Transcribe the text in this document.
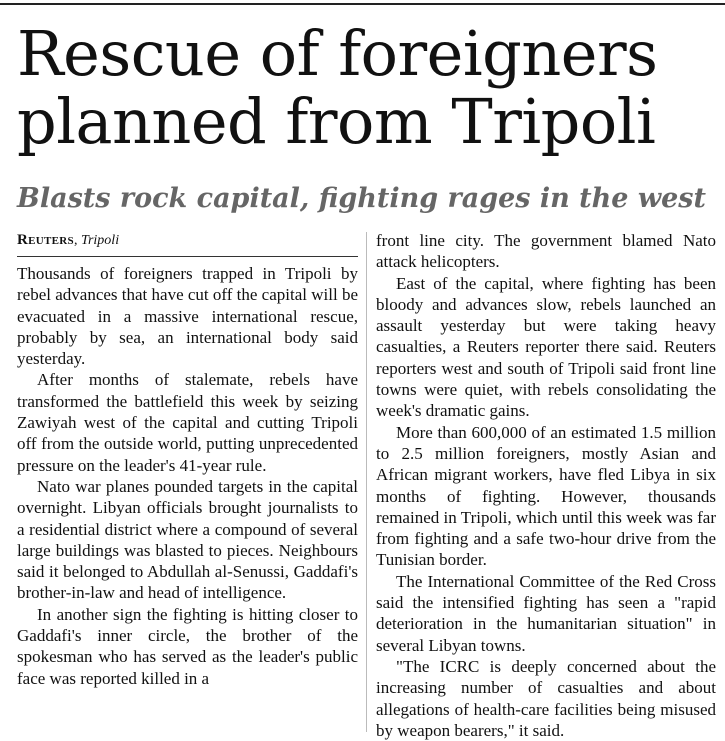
Rescue of foreigners planned from Tripoli
Blasts rock capital, fighting rages in the west
Reuters, Tripoli

Thousands of foreigners trapped in Tripoli by rebel advances that have cut off the capital will be evacuated in a massive international rescue, probably by sea, an international body said yesterday.

After months of stalemate, rebels have transformed the battlefield this week by seizing Zawiyah west of the capital and cutting Tripoli off from the outside world, putting unprecedented pressure on the leader's 41-year rule.

Nato war planes pounded targets in the capital overnight. Libyan officials brought journalists to a residential district where a compound of several large buildings was blasted to pieces. Neighbours said it belonged to Abdullah al-Senussi, Gaddafi's brother-in-law and head of intelligence.

In another sign the fighting is hitting closer to Gaddafi's inner circle, the brother of the spokesman who has served as the leader's public face was reported killed in a

front line city. The government blamed Nato attack helicopters.

East of the capital, where fighting has been bloody and advances slow, rebels launched an assault yesterday but were taking heavy casualties, a Reuters reporter there said. Reuters reporters west and south of Tripoli said front line towns were quiet, with rebels consolidating the week's dramatic gains.

More than 600,000 of an estimated 1.5 million to 2.5 million foreigners, mostly Asian and African migrant workers, have fled Libya in six months of fighting. However, thousands remained in Tripoli, which until this week was far from fighting and a safe two-hour drive from the Tunisian border.

The International Committee of the Red Cross said the intensified fighting has seen a "rapid deterioration in the humanitarian situation" in several Libyan towns.

"The ICRC is deeply concerned about the increasing number of casualties and about allegations of health-care facilities being misused by weapon bearers," it said.
